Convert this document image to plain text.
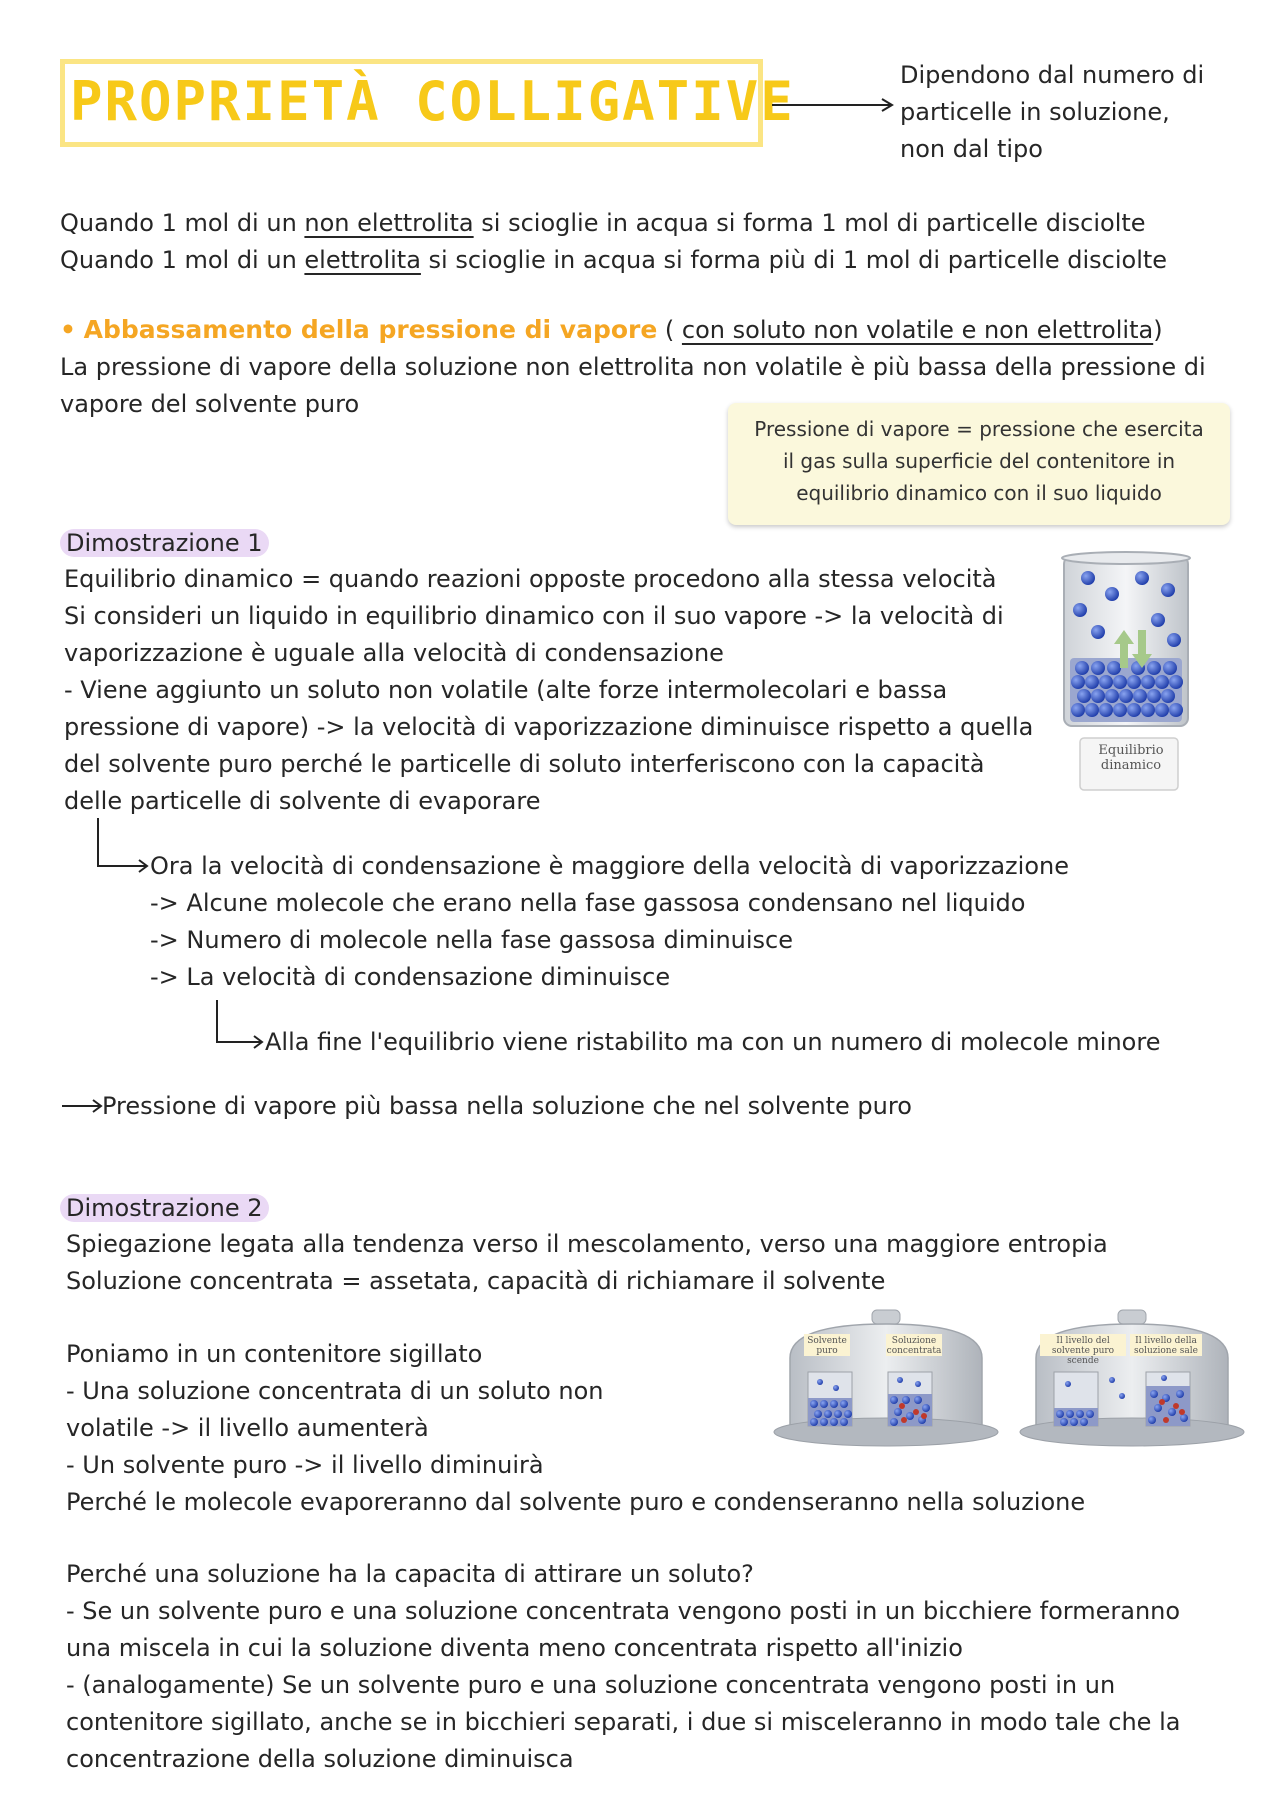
PROPRIETÀ COLLIGATIVE	Dipendono dal numero di
particelle in soluzione,
non dal tipo
Quando 1 mol di un non elettrolita si scioglie in acqua si forma 1 mol di particelle disciolte
Quando 1 mol di un elettrolita si scioglie in acqua si forma più di 1 mol di particelle disciolte
• Abbassamento della pressione di vapore ( con soluto non volatile e non elettrolita)
La pressione di vapore della soluzione non elettrolita non volatile è più bassa della pressione di
vapore del solvente puro
Pressione di vapore = pressione che esercita
il gas sulla superficie del contenitore in
equilibrio dinamico con il suo liquido
Dimostrazione 1
Equilibrio dinamico = quando reazioni opposte procedono alla stessa velocità
Si consideri un liquido in equilibrio dinamico con il suo vapore -> la velocità di
vaporizzazione è uguale alla velocità di condensazione
- Viene aggiunto un soluto non volatile (alte forze intermolecolari e bassa
pressione di vapore) -> la velocità di vaporizzazione diminuisce rispetto a quella
del solvente puro perché le particelle di soluto interferiscono con la capacità
delle particelle di solvente di evaporare
Equilibrio
dinamico
Ora la velocità di condensazione è maggiore della velocità di vaporizzazione
-> Alcune molecole che erano nella fase gassosa condensano nel liquido
-> Numero di molecole nella fase gassosa diminuisce
-> La velocità di condensazione diminuisce
Alla fine l'equilibrio viene ristabilito ma con un numero di molecole minore
Pressione di vapore più bassa nella soluzione che nel solvente puro
Dimostrazione 2
Spiegazione legata alla tendenza verso il mescolamento, verso una maggiore entropia
Soluzione concentrata = assetata, capacità di richiamare il solvente
Poniamo in un contenitore sigillato
- Una soluzione concentrata di un soluto non
volatile -> il livello aumenterà
- Un solvente puro -> il livello diminuirà
Perché le molecole evaporeranno dal solvente puro e condenseranno nella soluzione
Solvente
puro
Soluzione
concentrata
Il livello del
solvente puro scende
Il livello della
soluzione sale
Perché una soluzione ha la capacita di attirare un soluto?
- Se un solvente puro e una soluzione concentrata vengono posti in un bicchiere formeranno
una miscela in cui la soluzione diventa meno concentrata rispetto all'inizio
- (analogamente) Se un solvente puro e una soluzione concentrata vengono posti in un
contenitore sigillato, anche se in bicchieri separati, i due si misceleranno in modo tale che la
concentrazione della soluzione diminuisca
